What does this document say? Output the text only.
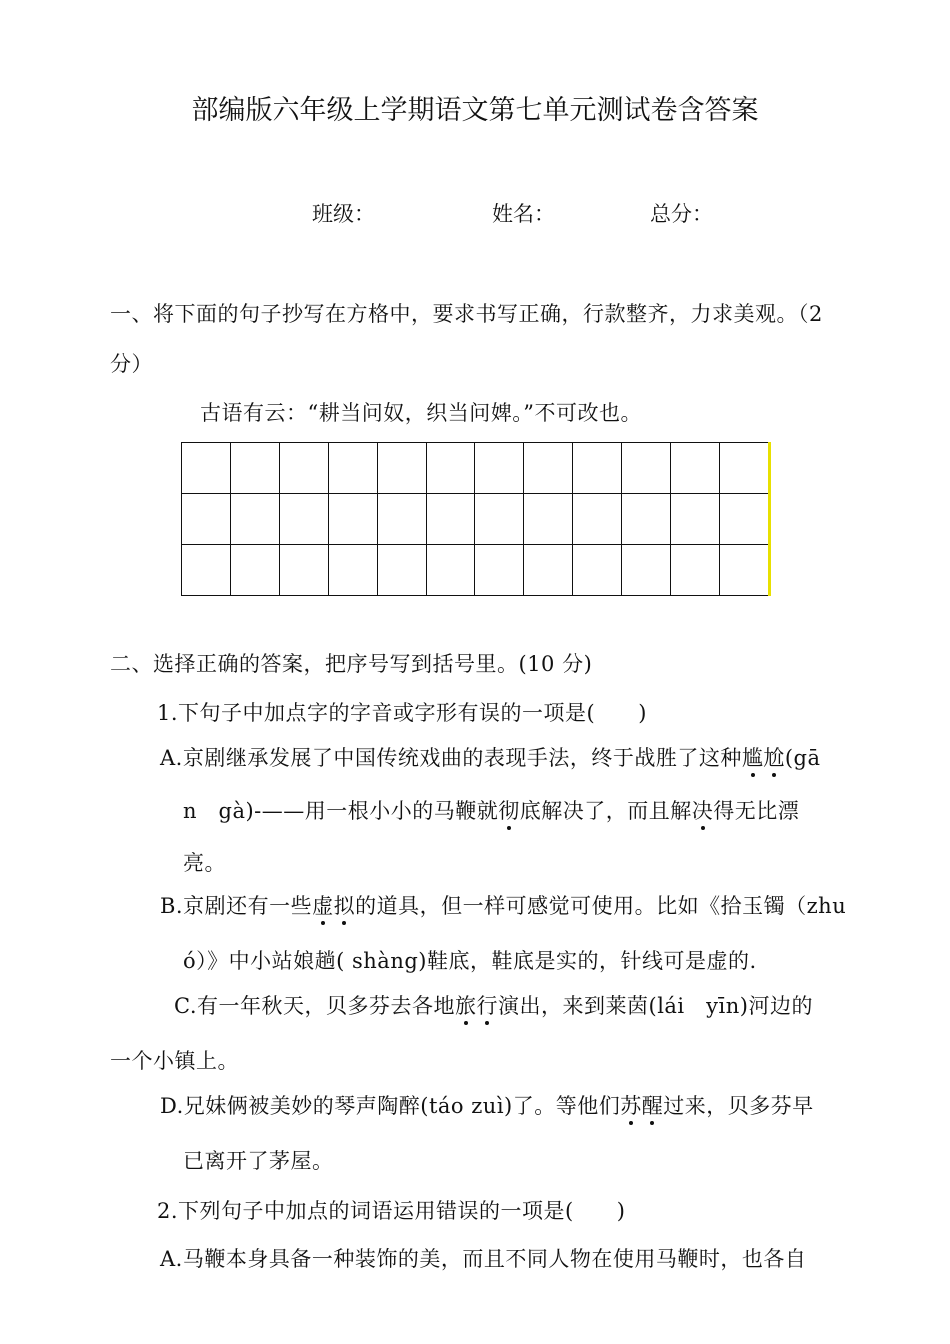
部编版六年级上学期语文第七单元测试卷含答案
班级：	姓名：	总分：
一、将下面的句子抄写在方格中，要求书写正确，行款整齐，力求美观。（2
分）
古语有云：“耕当问奴，织当问婢。”不可改也。

二、选择正确的答案，把序号写到括号里。(10 分)
1.下句子中加点字的字音或字形有误的一项是(　　)
A.京剧继承发展了中国传统戏曲的表现手法，终于战胜了这种尴尬(gā
n　gà)-——用一根小小的马鞭就彻底解决了，而且解决得无比漂
亮。
B.京剧还有一些虚拟的道具，但一样可感觉可使用。比如《拾玉镯（zhu
ó）》中小站娘趟( shàng)鞋底，鞋底是实的，针线可是虚的.
C.有一年秋天，贝多芬去各地旅行演出，来到莱茵(lái　yīn)河边的
一个小镇上。
D.兄妹俩被美妙的琴声陶醉(táo zuì)了。等他们苏醒过来，贝多芬早
已离开了茅屋。
2.下列句子中加点的词语运用错误的一项是(　　)
A.马鞭本身具备一种装饰的美，而且不同人物在使用马鞭时，也各自
